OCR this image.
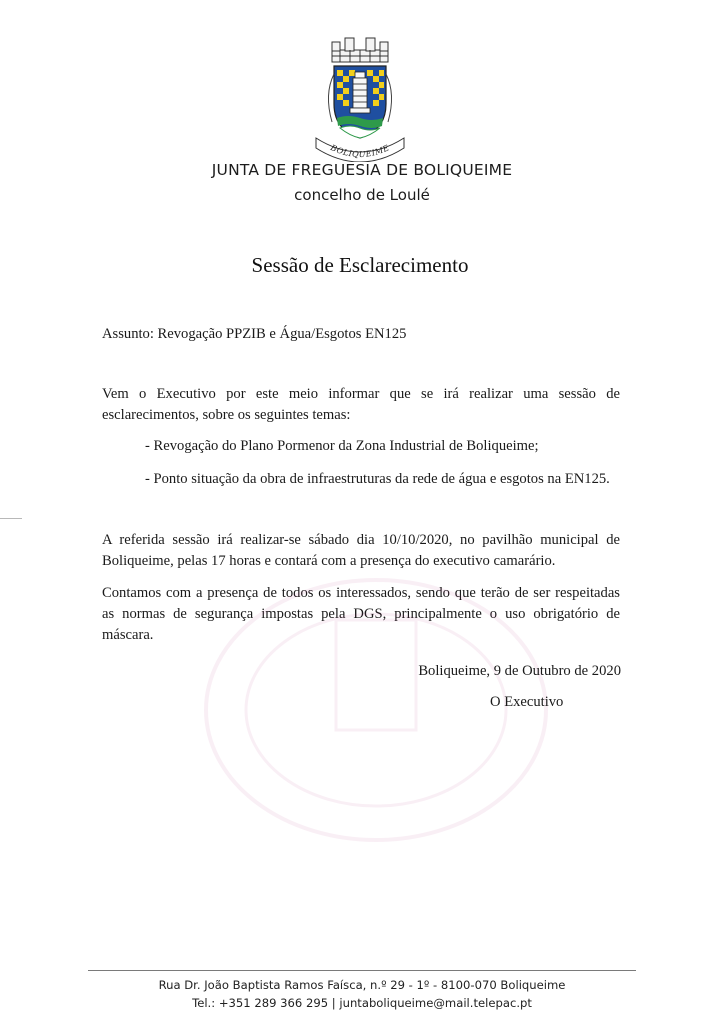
BOLIQUEIME
JUNTA DE FREGUESIA DE BOLIQUEIME
concelho de Loulé
Sessão de Esclarecimento

Assunto: Revogação PPZIB e Água/Esgotos EN125

Vem o Executivo por este meio informar que se irá realizar uma sessão de esclarecimentos, sobre os seguintes temas:

- Revogação do Plano Pormenor da Zona Industrial de Boliqueime;

- Ponto situação da obra de infraestruturas da rede de água e esgotos na EN125.

A referida sessão irá realizar-se sábado dia 10/10/2020, no pavilhão municipal de Boliqueime, pelas 17 horas e contará com a presença do executivo camarário.

Contamos com a presença de todos os interessados, sendo que terão de ser respeitadas as normas de segurança impostas pela DGS, principalmente o uso obrigatório de máscara.

Boliqueime, 9 de Outubro de 2020
O Executivo
Rua Dr. João Baptista Ramos Faísca, n.º 29 - 1º - 8100-070 Boliqueime
Tel.: +351 289 366 295 | juntaboliqueime@mail.telepac.pt
